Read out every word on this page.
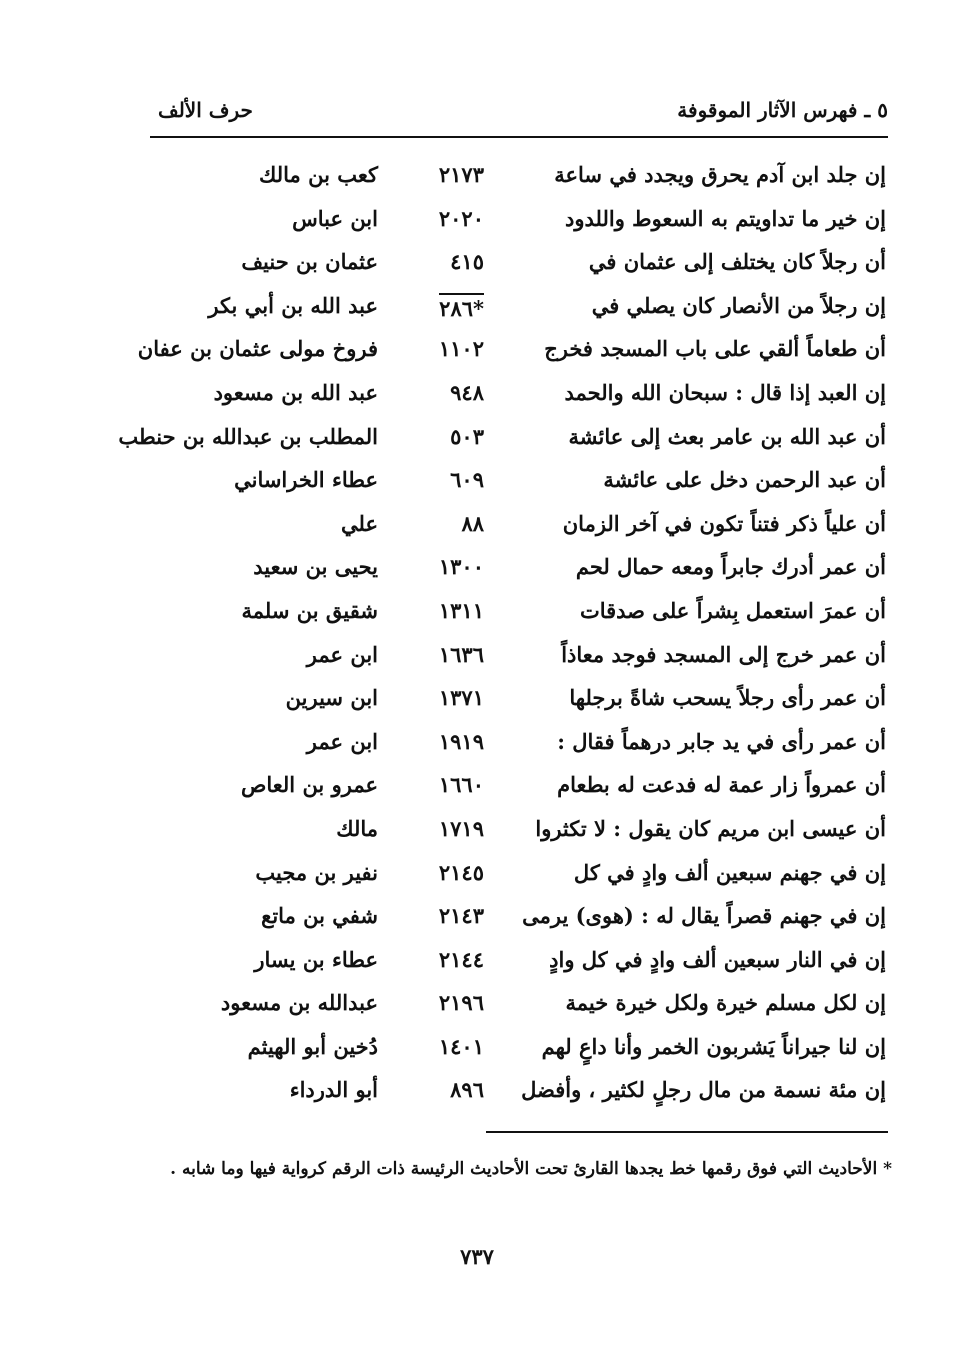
٥ ـ فهرس الآثار الموقوفة
حرف الألف
إن جلد ابن آدم يحرق ويجدد في ساعة
٢١٧٣
كعب بن مالك
إن خير ما تداويتم به السعوط واللدود
٢٠٢٠
ابن عباس
أن رجلاً كان يختلف إلى عثمان في
٤١٥
عثمان بن حنيف
إن رجلاً من الأنصار كان يصلي في
٢٨٦*
عبد الله بن أبي بكر
أن طعاماً ألقي على باب المسجد فخرج
١١٠٢
فروخ مولى عثمان بن عفان
إن العبد إذا قال : سبحان الله والحمد
٩٤٨
عبد الله بن مسعود
أن عبد الله بن عامر بعث إلى عائشة
٥٠٣
المطلب بن عبدالله بن حنطب
أن عبد الرحمن دخل على عائشة
٦٠٩
عطاء الخراساني
أن علياً ذكر فتناً تكون في آخر الزمان
٨٨
علي
أن عمر أدرك جابراً ومعه حمال لحم
١٣٠٠
يحيى بن سعيد
أن عمرَ استعمل بِشراً على صدقات
١٣١١
شقيق بن سلمة
أن عمر خرج إلى المسجد فوجد معاذاً
١٦٣٦
ابن عمر
أن عمر رأى رجلاً يسحب شاةً برجلها
١٣٧١
ابن سيرين
أن عمر رأى في يد جابر درهماً فقال :
١٩١٩
ابن عمر
أن عمرواً زار عمة له فدعت له بطعام
١٦٦٠
عمرو بن العاص
أن عيسى ابن مريم كان يقول : لا تكثروا
١٧١٩
مالك
إن في جهنم سبعين ألف وادٍ في كل
٢١٤٥
نفير بن مجيب
إن في جهنم قصراً يقال له : (هوى) يرمى
٢١٤٣
شفي بن ماتع
إن في النار سبعين ألف وادٍ في كل وادٍ
٢١٤٤
عطاء بن يسار
إن لكل مسلم خيرة ولكل خيرة خيمة
٢١٩٦
عبدالله بن مسعود
إن لنا جيراناً يَشربون الخمر وأنا داعٍ لهم
١٤٠١
دُخين أبو الهيثم
إن مئة نسمة من مال رجلٍ لكثير ، وأفضل
٨٩٦
أبو الدرداء
* الأحاديث التي فوق رقمها خط يجدها القارئ تحت الأحاديث الرئيسة ذات الرقم كرواية فيها وما شابه .
٧٣٧
